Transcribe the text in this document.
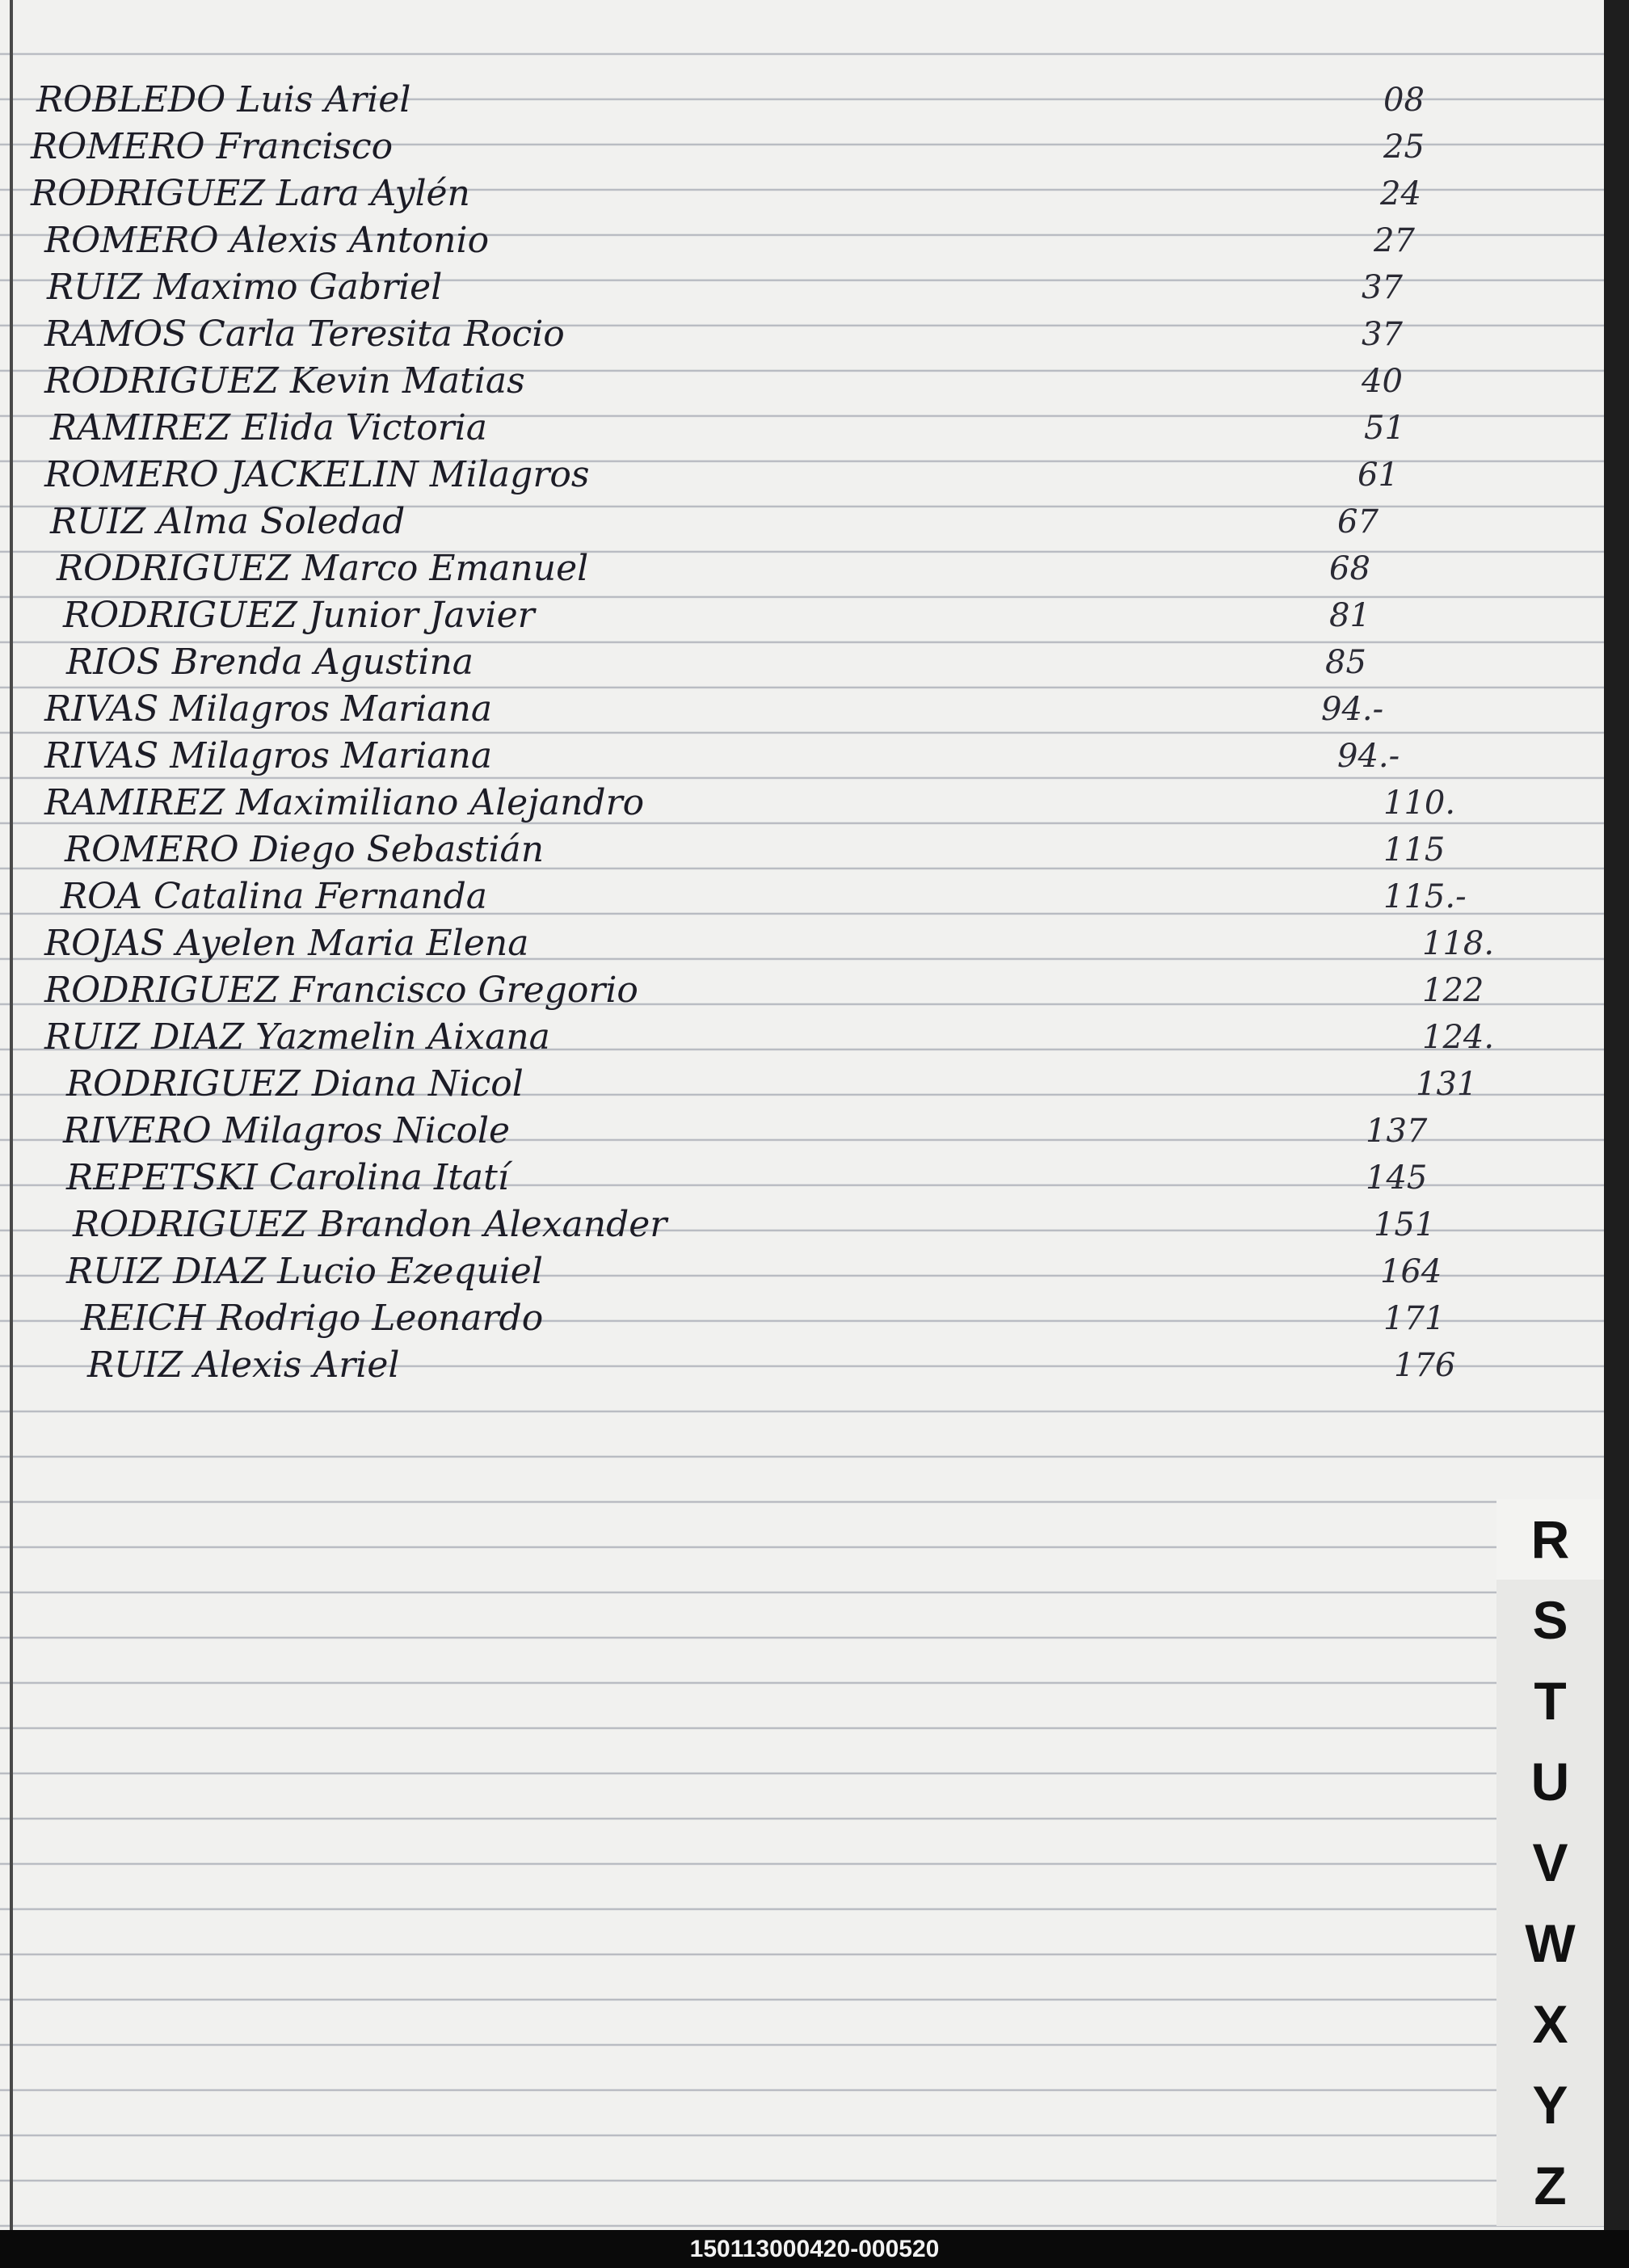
ROBLEDO Luis Ariel	08
ROMERO Francisco	25
RODRIGUEZ Lara Aylén	24
ROMERO Alexis Antonio	27
RUIZ Maximo Gabriel	37
RAMOS Carla Teresita Rocio	37
RODRIGUEZ Kevin Matias	40
RAMIREZ Elida Victoria	51
ROMERO JACKELIN Milagros	61
RUIZ Alma Soledad	67
RODRIGUEZ Marco Emanuel	68
RODRIGUEZ Junior Javier	81
RIOS Brenda Agustina	85
RIVAS Milagros Mariana	94.-
RIVAS Milagros Mariana	94.-
RAMIREZ Maximiliano Alejandro	110.
ROMERO Diego Sebastián	115
ROA Catalina Fernanda	115.-
ROJAS Ayelen Maria Elena	118.
RODRIGUEZ Francisco Gregorio	122
RUIZ DIAZ Yazmelin Aixana	124.
RODRIGUEZ Diana Nicol	131
RIVERO Milagros Nicole	137
REPETSKI Carolina Itatí	145
RODRIGUEZ Brandon Alexander	151
RUIZ DIAZ Lucio Ezequiel	164
REICH Rodrigo Leonardo	171
RUIZ Alexis Ariel	176
R
S
T
U
V
W
X
Y
Z
150113000420-000520
